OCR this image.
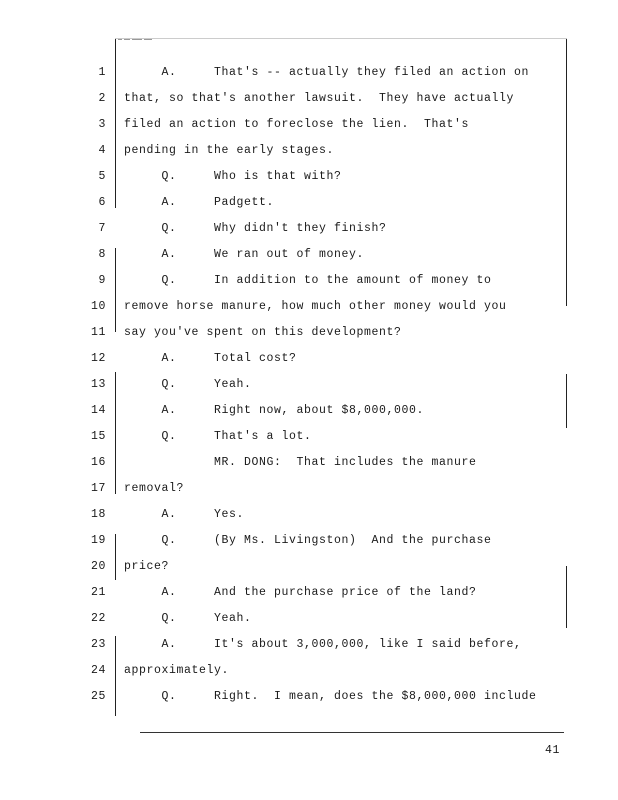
1 A.     That's -- actually they filed an action on
2 that, so that's another lawsuit.  They have actually
3 filed an action to foreclose the lien.  That's
4 pending in the early stages.
5 Q.     Who is that with?
6 A.     Padgett.
7 Q.     Why didn't they finish?
8 A.     We ran out of money.
9 Q.     In addition to the amount of money to
10 remove horse manure, how much other money would you
11 say you've spent on this development?
12 A.     Total cost?
13 Q.     Yeah.
14 A.     Right now, about $8,000,000.
15 Q.     That's a lot.
16 MR. DONG:  That includes the manure
17 removal?
18 A.     Yes.
19 Q.     (By Ms. Livingston)  And the purchase
20 price?
21 A.     And the purchase price of the land?
22 Q.     Yeah.
23 A.     It's about 3,000,000, like I said before,
24 approximately.
25 Q.     Right.  I mean, does the $8,000,000 include
41
